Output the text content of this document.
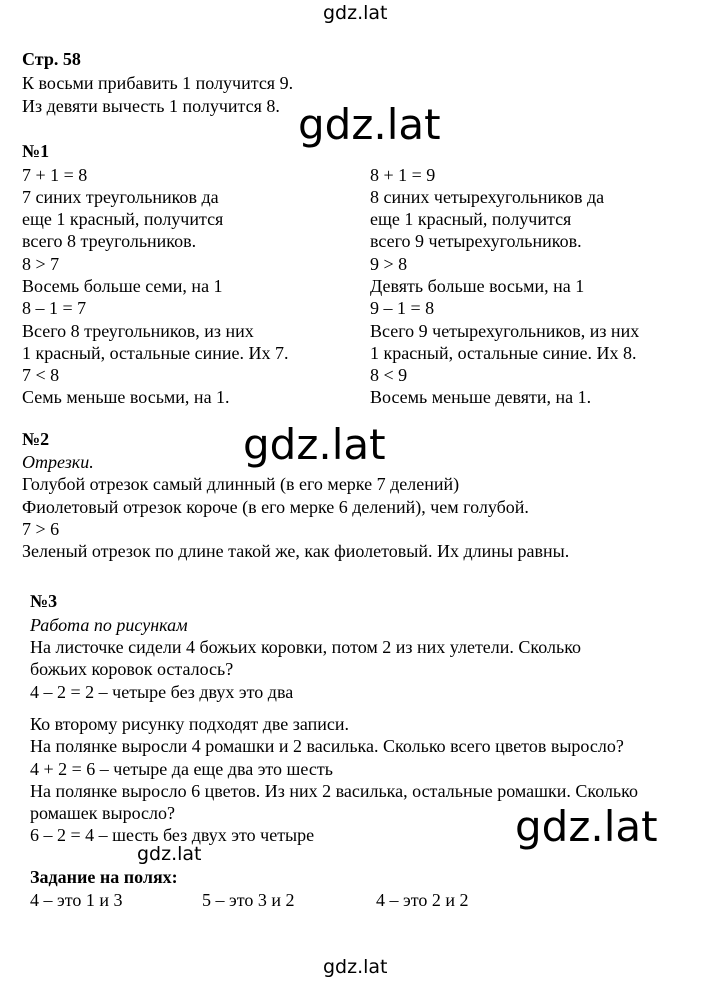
gdz.lat
gdz.lat
gdz.lat
gdz.lat
gdz.lat
gdz.lat
Стр. 58
К восьми прибавить 1 получится 9.
Из девяти вычесть 1 получится 8.
№1
7 + 1 = 8
7 синих треугольников да
еще 1 красный, получится
всего 8 треугольников.
8 > 7
Восемь больше семи, на 1
8 – 1 = 7
Всего 8 треугольников, из них
1 красный, остальные синие. Их 7.
7 < 8
Семь меньше восьми, на 1.
8 + 1 = 9
8 синих четырехугольников да
еще 1 красный, получится
всего 9 четырехугольников.
9 > 8
Девять больше восьми, на 1
9 – 1 = 8
Всего 9 четырехугольников, из них
1 красный, остальные синие. Их 8.
8 < 9
Восемь меньше девяти, на 1.
№2
Отрезки.
Голубой отрезок самый длинный (в его мерке 7 делений)
Фиолетовый отрезок короче (в его мерке 6 делений), чем голубой.
7 > 6
Зеленый отрезок по длине такой же, как фиолетовый. Их длины равны.
№3
Работа по рисункам
На листочке сидели 4 божьих коровки, потом 2 из них улетели. Сколько
божьих коровок осталось?
4 – 2 = 2 – четыре без двух это два
Ко второму рисунку подходят две записи.
На полянке выросли 4 ромашки и 2 василька. Сколько всего цветов выросло?
4 + 2 = 6 – четыре да еще два это шесть
На полянке выросло 6 цветов. Из них 2 василька, остальные ромашки. Сколько
ромашек выросло?
6 – 2 = 4 – шесть без двух это четыре
Задание на полях:
4 – это 1 и 3	5 – это 3 и 2	4 – это 2 и 2
